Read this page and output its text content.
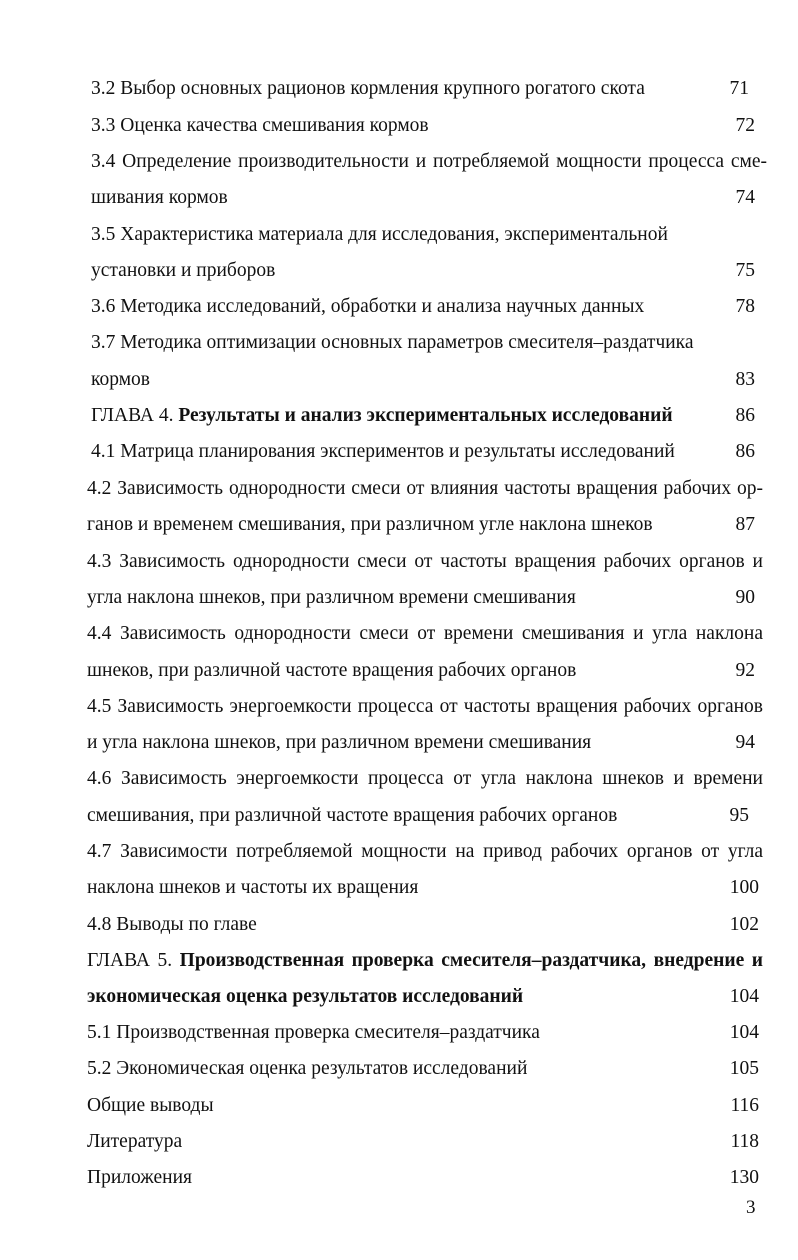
3.2 Выбор основных рационов кормления крупного рогатого скота	71
3.3 Оценка качества смешивания кормов	72
3.4 Определение производительности и потребляемой мощности процесса сме-
шивания кормов	74
3.5 Характеристика материала для исследования, экспериментальной
установки и приборов	75
3.6 Методика исследований, обработки и анализа научных данных	78
3.7 Методика оптимизации основных параметров смесителя–раздатчика
кормов	83
ГЛАВА 4. Результаты и анализ экспериментальных исследований	86
4.1 Матрица планирования экспериментов и результаты исследований	86
4.2 Зависимость однородности смеси от влияния частоты вращения рабочих ор-
ганов и временем смешивания, при различном угле наклона шнеков	87
4.3 Зависимость однородности смеси от частоты вращения рабочих органов и
угла наклона шнеков, при различном времени смешивания	90
4.4 Зависимость однородности смеси от времени смешивания и угла наклона
шнеков, при различной частоте вращения рабочих органов	92
4.5 Зависимость энергоемкости процесса от частоты вращения рабочих органов
и угла наклона шнеков, при различном времени смешивания	94
4.6 Зависимость энергоемкости процесса от угла наклона шнеков и времени
смешивания, при различной частоте вращения рабочих органов	95
4.7 Зависимости потребляемой мощности на привод рабочих органов от угла
наклона шнеков и частоты их вращения	100
4.8 Выводы по главе	102
ГЛАВА 5. Производственная проверка смесителя–раздатчика, внедрение и
экономическая оценка результатов исследований	104
5.1 Производственная проверка смесителя–раздатчика	104
5.2 Экономическая оценка результатов исследований	105
Общие выводы	116
Литература	118
Приложения	130
3
